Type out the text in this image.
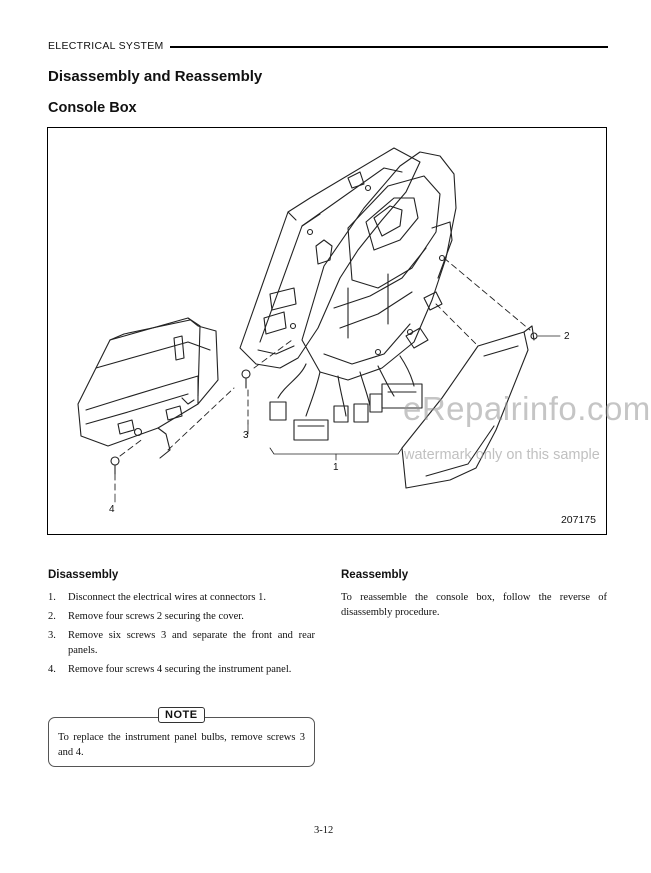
ELECTRICAL SYSTEM
Disassembly and Reassembly
Console Box
2
3
1
4
eRepairinfo.com
watermark only on this sample
207175
Disassembly
1. Disconnect the electrical wires at connectors 1.
2. Remove four screws 2 securing the cover.
3. Remove six screws 3 and separate the front and rear panels.
4. Remove four screws 4 securing the instrument panel.
NOTE

To replace the instrument panel bulbs, remove screws 3 and 4.

Reassembly

To reassemble the console box, follow the reverse of disassembly procedure.

3-12
